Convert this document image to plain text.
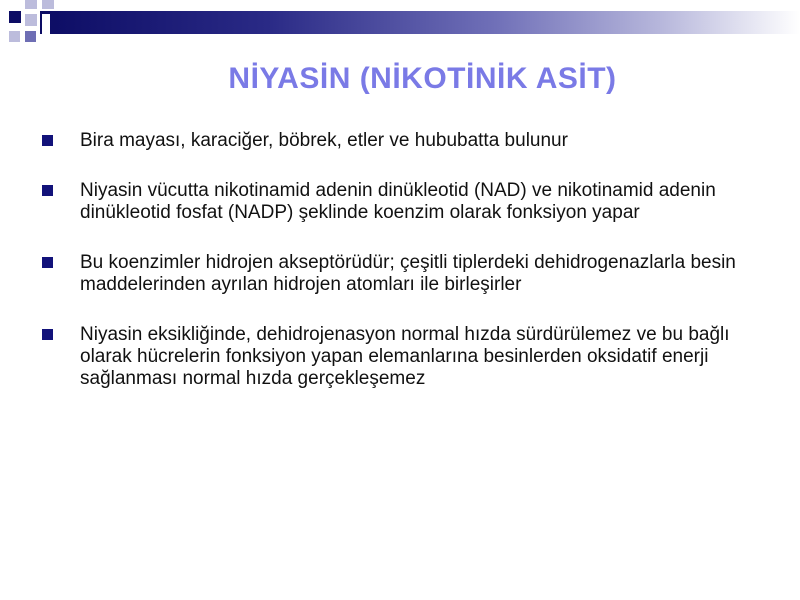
NİYASİN (NİKOTİNİK ASİT)
Bira mayası, karaciğer, böbrek, etler ve hububatta bulunur
Niyasin vücutta nikotinamid adenin dinükleotid (NAD) ve nikotinamid adenin dinükleotid fosfat (NADP) şeklinde koenzim olarak fonksiyon yapar
Bu koenzimler hidrojen akseptörüdür; çeşitli tiplerdeki dehidrogenazlarla besin maddelerinden ayrılan hidrojen atomları ile birleşirler
Niyasin eksikliğinde, dehidrojenasyon normal hızda sürdürülemez ve bu bağlı olarak hücrelerin fonksiyon yapan elemanlarına besinlerden oksidatif enerji sağlanması normal hızda gerçekleşemez
